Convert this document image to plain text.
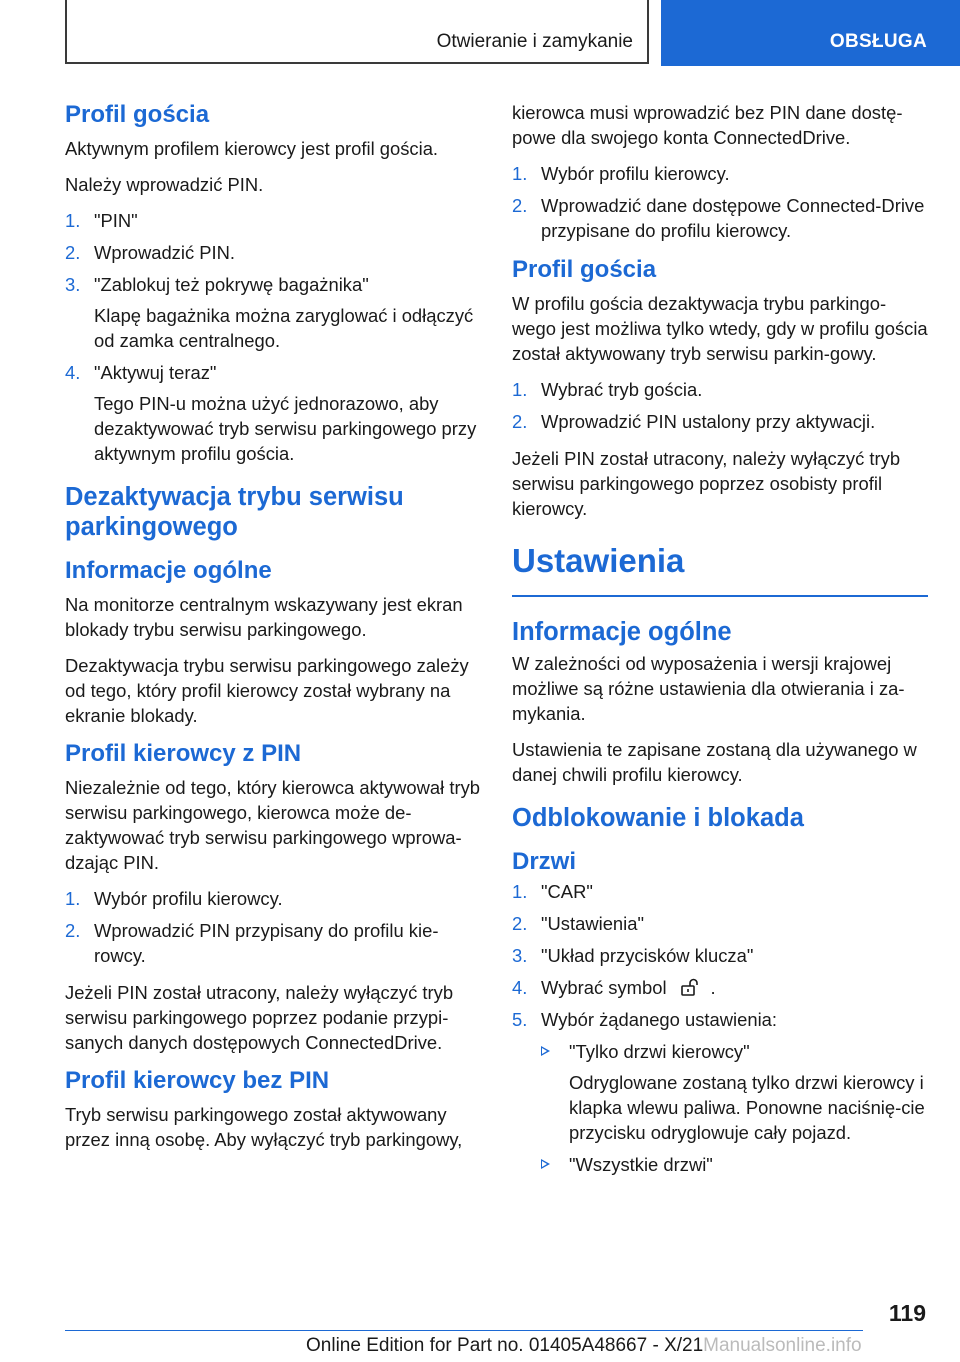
Otwieranie i zamykanie	OBSŁUGA
Profil gościa

Aktywnym profilem kierowcy jest profil gościa.

Należy wprowadzić PIN.

1. "PIN"
2. Wprowadzić PIN.
3. "Zablokuj też pokrywę bagażnika"
Klapę bagażnika można zaryglować i odłączyć od zamka centralnego.
4. "Aktywuj teraz"
Tego PIN-u można użyć jednorazowo, aby dezaktywować tryb serwisu parkingowego przy aktywnym profilu gościa.
Dezaktywacja trybu serwisu parkingowego
Informacje ogólne

Na monitorze centralnym wskazywany jest ekran blokady trybu serwisu parkingowego.

Dezaktywacja trybu serwisu parkingowego zależy od tego, który profil kierowcy został wybrany na ekranie blokady.

Profil kierowcy z PIN

Niezależnie od tego, który kierowca aktywował tryb serwisu parkingowego, kierowca może de‐zaktywować tryb serwisu parkingowego wprowa‐dzając PIN.

1. Wybór profilu kierowcy.
2. Wprowadzić PIN przypisany do profilu kie‐rowcy.

Jeżeli PIN został utracony, należy wyłączyć tryb serwisu parkingowego poprzez podanie przypi‐sanych danych dostępowych ConnectedDrive.

Profil kierowcy bez PIN

Tryb serwisu parkingowego został aktywowany przez inną osobę. Aby wyłączyć tryb parkingowy,

kierowca musi wprowadzić bez PIN dane dostę‐powe dla swojego konta ConnectedDrive.

1. Wybór profilu kierowcy.
2. Wprowadzić dane dostępowe Connected‐Drive przypisane do profilu kierowcy.
Profil gościa

W profilu gościa dezaktywacja trybu parkingo‐wego jest możliwa tylko wtedy, gdy w profilu gościa został aktywowany tryb serwisu parkin‐gowy.

1. Wybrać tryb gościa.
2. Wprowadzić PIN ustalony przy aktywacji.

Jeżeli PIN został utracony, należy wyłączyć tryb serwisu parkingowego poprzez osobisty profil kierowcy.

Ustawienia
Informacje ogólne

W zależności od wyposażenia i wersji krajowej możliwe są różne ustawienia dla otwierania i za‐mykania.

Ustawienia te zapisane zostaną dla używanego w danej chwili profilu kierowcy.

Odblokowanie i blokada
Drzwi
1. "CAR"
2. "Ustawienia"
3. "Układ przycisków klucza"
4. Wybrać symbol .
5. Wybór żądanego ustawienia:
"Tylko drzwi kierowcy"
Odryglowane zostaną tylko drzwi kierowcy i klapka wlewu paliwa. Ponowne naciśnię‐cie przycisku odryglowuje cały pojazd.
"Wszystkie drzwi"
119
Online Edition for Part no. 01405A48667 - X/21Manualsonline.info
